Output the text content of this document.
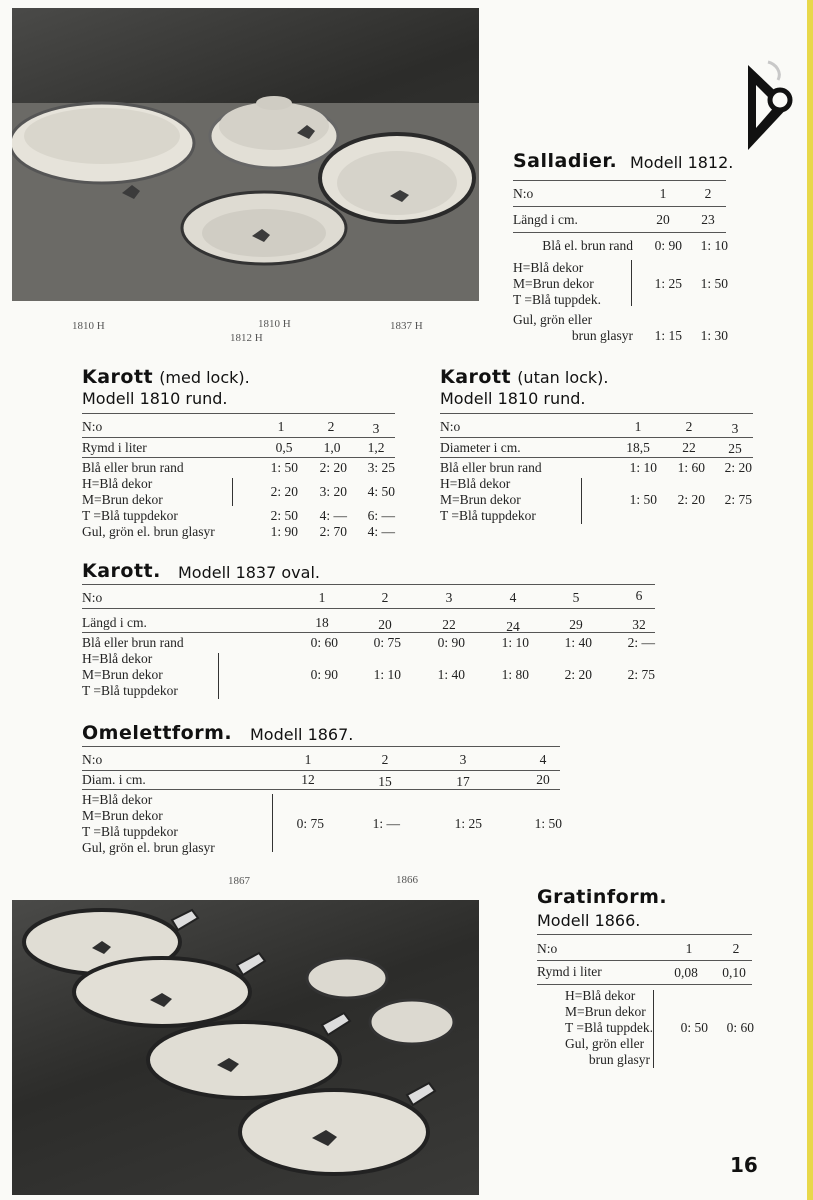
1810 H	1810 H
1812 H
1837 H
Salladier. Modell 1812.
N:o	1	2
Längd i cm.	20	23
Blå el. brun rand	0: 90	1: 10
H=Blå dekor
M=Brun dekor
T =Blå tuppdek.
1: 25	1: 50
Gul, grön eller
brun glasyr	1: 15	1: 30
Karott (med lock).
Modell 1810 rund.
N:o	1	2	3
Rymd i liter	0,5	1,0	1,2
Blå eller brun rand	1: 50	2: 20	3: 25
H=Blå dekor
M=Brun dekor
2: 20	3: 20	4: 50
T =Blå tuppdekor	2: 50	4: —	6: —
Gul, grön el. brun glasyr	1: 90	2: 70	4: —
Karott (utan lock).
Modell 1810 rund.
N:o	1	2	3
Diameter i cm.	18,5	22	25
Blå eller brun rand	1: 10	1: 60	2: 20
H=Blå dekor
M=Brun dekor
T =Blå tuppdekor
1: 50	2: 20	2: 75
Karott. Modell 1837 oval.
N:o	1	2	3	4	5	6
Längd i cm.	18	20	22	24	29	32
Blå eller brun rand	0: 60	0: 75	0: 90	1: 10	1: 40	2: —
H=Blå dekor
M=Brun dekor
T =Blå tuppdekor
0: 90	1: 10	1: 40	1: 80	2: 20	2: 75
Omelettform. Modell 1867.
N:o	1	2	3	4
Diam. i cm.	12	15	17	20
H=Blå dekor
M=Brun dekor
T =Blå tuppdekor
Gul, grön el. brun glasyr
0: 75	1: —	1: 25	1: 50
1867	1866
Gratinform.
Modell 1866.
N:o	1	2
Rymd i liter	0,08	0,10
H=Blå dekor
M=Brun dekor
T =Blå tuppdek.
Gul, grön eller
brun glasyr
0: 50	0: 60
16
